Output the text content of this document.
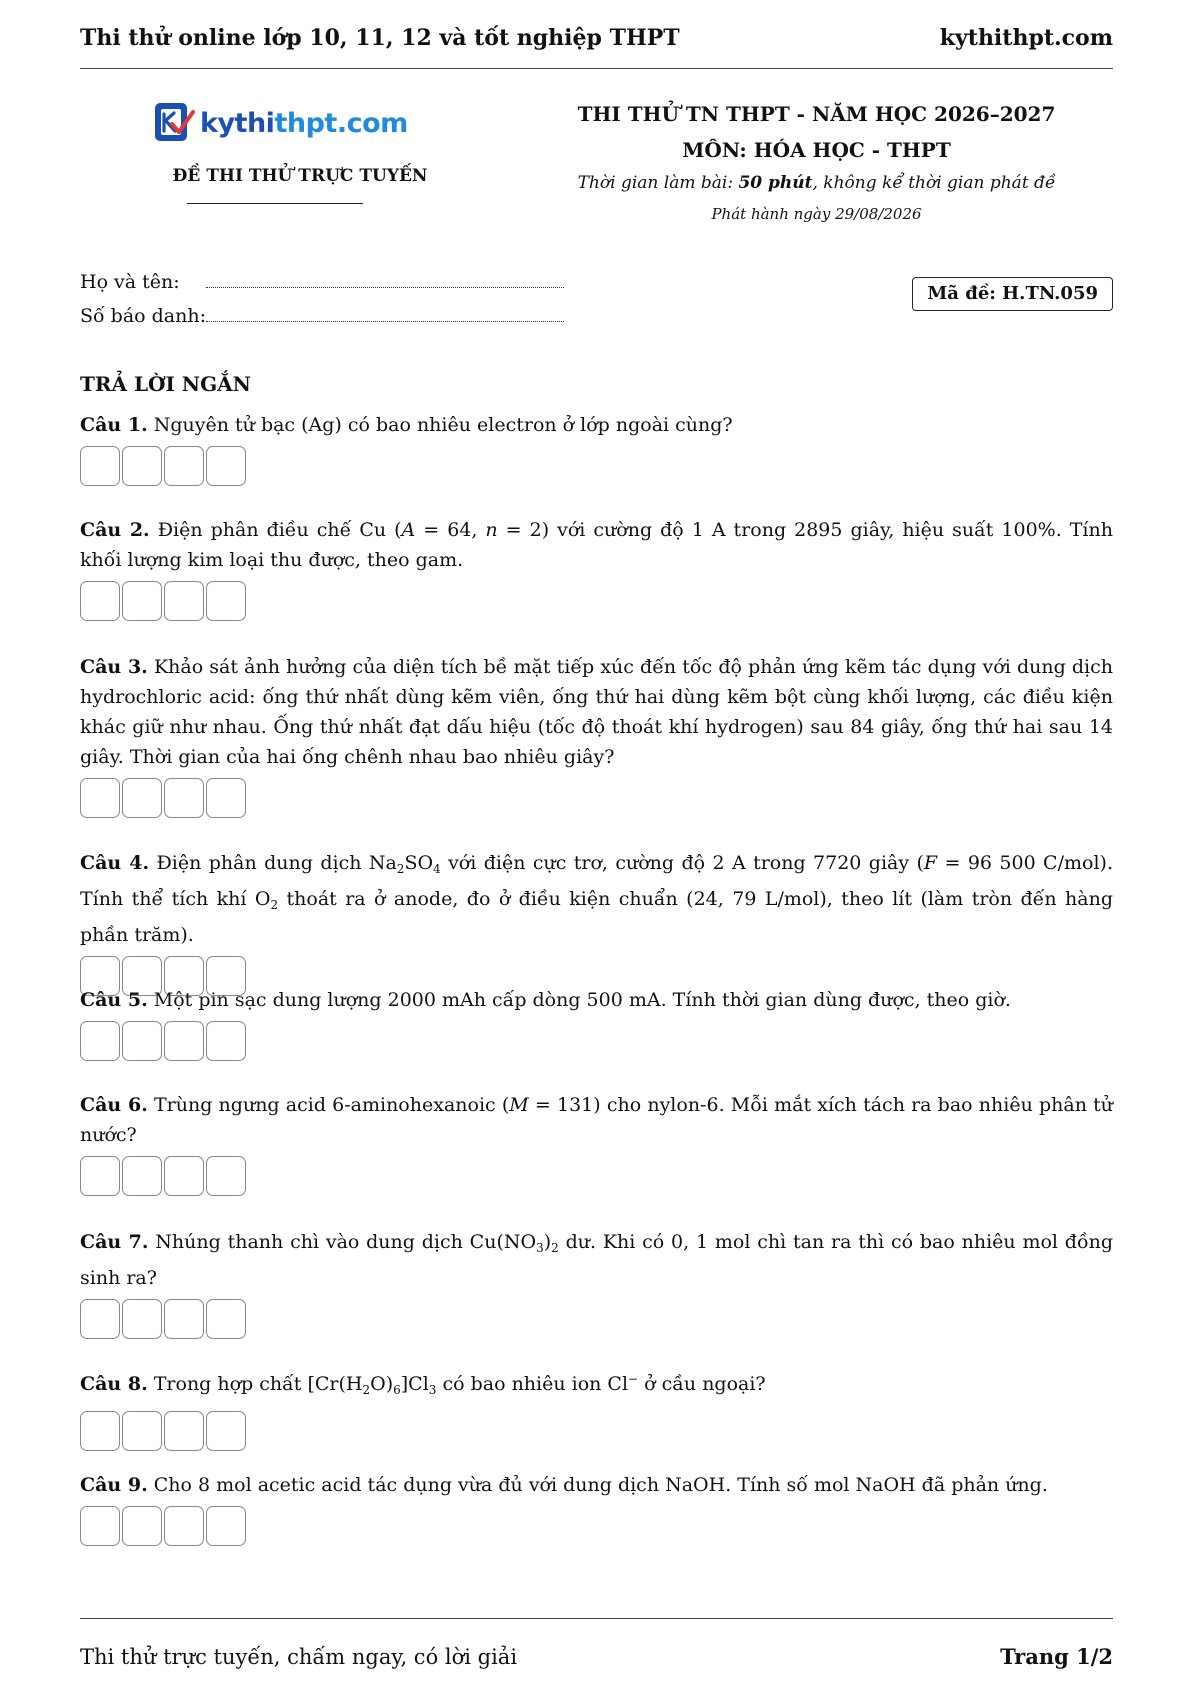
Thi thử online lớp 10, 11, 12 và tốt nghiệp THPT	kythithpt.com
kythithpt.com
ĐỀ THI THỬ TRỰC TUYẾN
THI THỬ TN THPT - NĂM HỌC 2026–2027
MÔN: HÓA HỌC - THPT
Thời gian làm bài: 50 phút, không kể thời gian phát đề
Phát hành ngày 29/08/2026
Họ và tên:
Số báo danh:
Mã đề: H.TN.059
TRẢ LỜI NGẮN
Câu 1. Nguyên tử bạc (Ag) có bao nhiêu electron ở lớp ngoài cùng?
Câu 2. Điện phân điều chế Cu (A = 64, n = 2) với cường độ 1 A trong 2895 giây, hiệu suất 100%. Tính khối lượng kim loại thu được, theo gam.
Câu 3. Khảo sát ảnh hưởng của diện tích bề mặt tiếp xúc đến tốc độ phản ứng kẽm tác dụng với dung dịch hydrochloric acid: ống thứ nhất dùng kẽm viên, ống thứ hai dùng kẽm bột cùng khối lượng, các điều kiện khác giữ như nhau. Ống thứ nhất đạt dấu hiệu (tốc độ thoát khí hydrogen) sau 84 giây, ống thứ hai sau 14 giây. Thời gian của hai ống chênh nhau bao nhiêu giây?
Câu 4. Điện phân dung dịch $Na_2SO_4$ với điện cực trơ, cường độ 2 A trong 7720 giây (F = 96 500 C/mol). Tính thể tích khí $O_2$ thoát ra ở anode, đo ở điều kiện chuẩn (24, 79 L/mol), theo lít (làm tròn đến hàng phần trăm).
Câu 5. Một pin sạc dung lượng 2000 mAh cấp dòng 500 mA. Tính thời gian dùng được, theo giờ.
Câu 6. Trùng ngưng acid 6-aminohexanoic (M = 131) cho nylon-6. Mỗi mắt xích tách ra bao nhiêu phân tử nước?
Câu 7. Nhúng thanh chì vào dung dịch $Cu(NO_3)_2$ dư. Khi có 0, 1 mol chì tan ra thì có bao nhiêu mol đồng sinh ra?
Câu 8. Trong hợp chất $[Cr(H_2O)_6]Cl_3$ có bao nhiêu ion Cl− ở cầu ngoại?
Câu 9. Cho 8 mol acetic acid tác dụng vừa đủ với dung dịch NaOH. Tính số mol NaOH đã phản ứng.
Thi thử trực tuyến, chấm ngay, có lời giải	Trang 1/2
